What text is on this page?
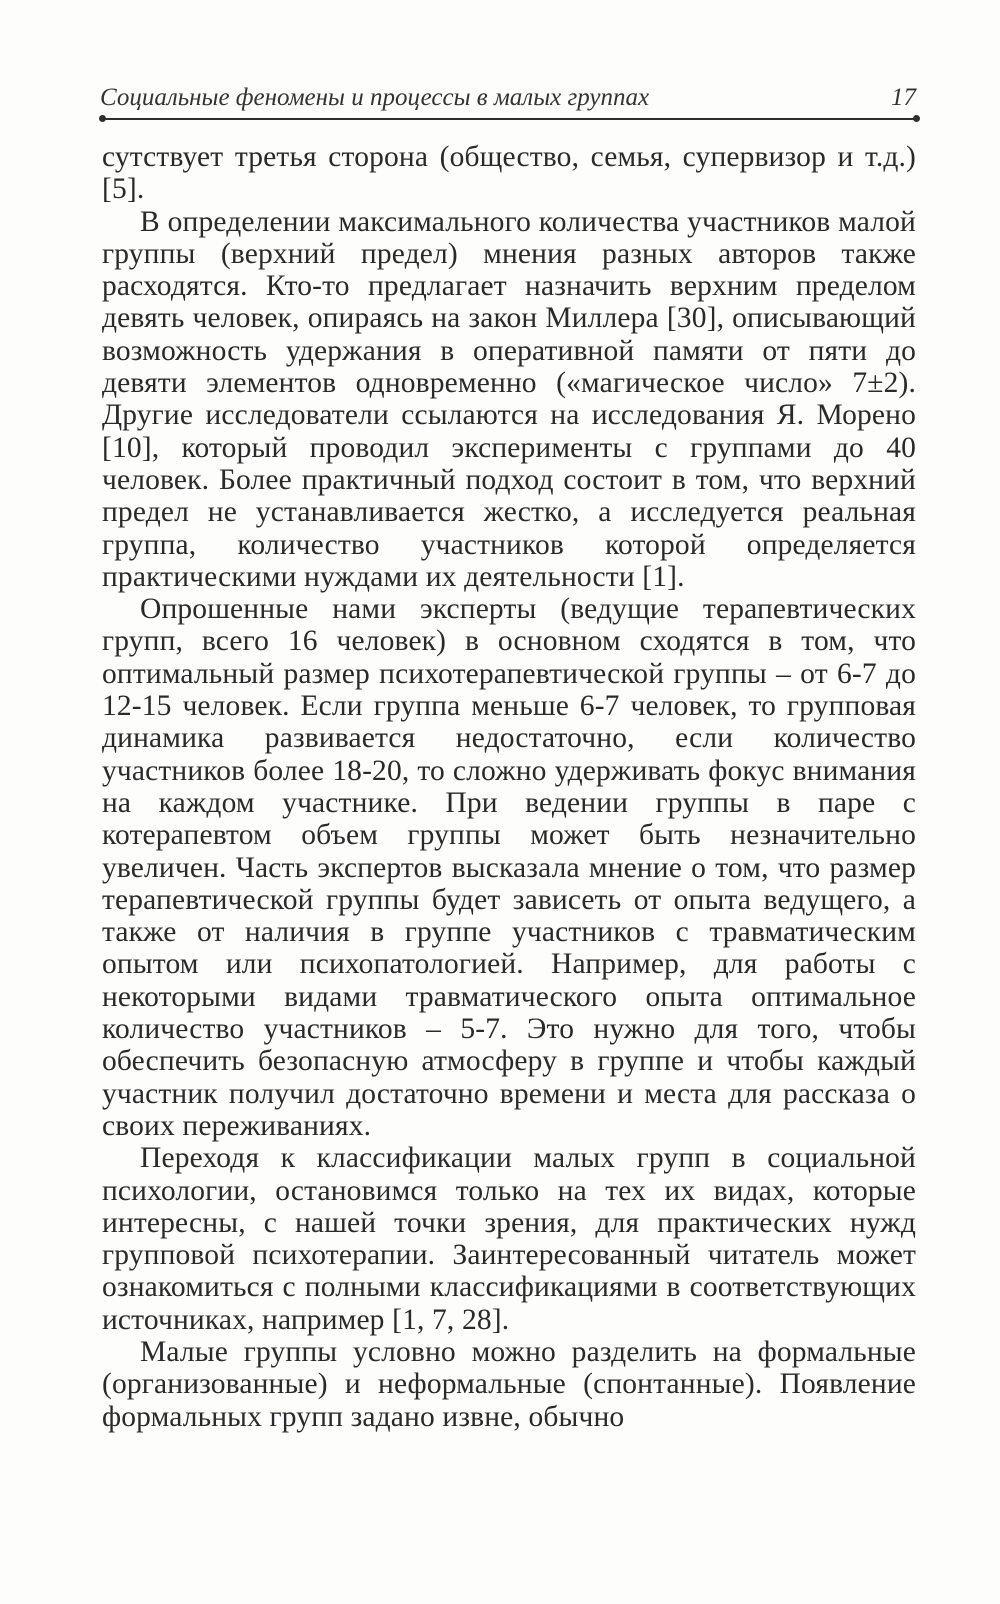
Социальные феномены и процессы в малых группах	17

сутствует третья сторона (общество, семья, супервизор и т.д.) [5].

В определении максимального количества участников малой группы (верхний предел) мнения разных авторов также расходятся. Кто-то предлагает назначить верхним пределом девять человек, опираясь на закон Миллера [30], описывающий возможность удержания в оперативной памяти от пяти до девяти элементов одновременно («магическое число» 7±2). Другие исследователи ссылаются на исследования Я. Морено [10], который проводил эксперименты с группами до 40 человек. Более практичный подход состоит в том, что верхний предел не устанавливается жестко, а исследуется реальная группа, количество участников которой определяется практическими нуждами их деятельности [1].

Опрошенные нами эксперты (ведущие терапевтических групп, всего 16 человек) в основном сходятся в том, что оптимальный размер психотерапевтической группы – от 6-7 до 12-15 человек. Если группа меньше 6-7 человек, то групповая динамика развивается недостаточно, если количество участников более 18-20, то сложно удерживать фокус внимания на каждом участнике. При ведении группы в паре с котерапевтом объем группы может быть незначительно увеличен. Часть экспертов высказала мнение о том, что размер терапевтической группы будет зависеть от опыта ведущего, а также от наличия в группе участников с травматическим опытом или психопатологией. Например, для работы с некоторыми видами травматического опыта оптимальное количество участников – 5-7. Это нужно для того, чтобы обеспечить безопасную атмосферу в группе и чтобы каждый участник получил достаточно времени и места для рассказа о своих переживаниях.

Переходя к классификации малых групп в социальной психологии, остановимся только на тех их видах, которые интересны, с нашей точки зрения, для практических нужд групповой психотерапии. Заинтересованный читатель может ознакомиться с полными классификациями в соответствующих источниках, например [1, 7, 28].

Малые группы условно можно разделить на формальные (организованные) и неформальные (спонтанные). Появление формальных групп задано извне, обычно
